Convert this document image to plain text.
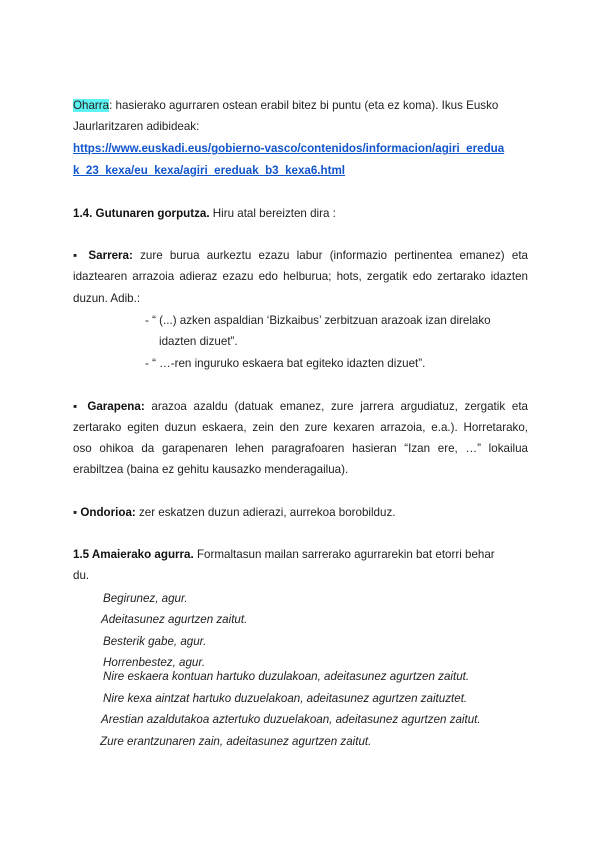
Oharra: hasierako agurraren ostean erabil bitez bi puntu (eta ez koma). Ikus Eusko
Jaurlaritzaren adibideak:
https://www.euskadi.eus/gobierno-vasco/contenidos/informacion/agiri_eredua
k_23_kexa/eu_kexa/agiri_ereduak_b3_kexa6.html
1.4. Gutunaren gorputza. Hiru atal bereizten dira :
▪ Sarrera: zure burua aurkeztu ezazu labur (informazio pertinentea emanez) eta
idaztearen arrazoia adieraz ezazu edo helburua; hots, zergatik edo zertarako idazten
duzun. Adib.:
- “ (...) azken aspaldian ‘Bizkaibus’ zerbitzuan arazoak izan direlako
idazten dizuet”.
- “ …-ren inguruko eskaera bat egiteko idazten dizuet”.
▪ Garapena: arazoa azaldu (datuak emanez, zure jarrera argudiatuz, zergatik eta
zertarako egiten duzun eskaera, zein den zure kexaren arrazoia, e.a.). Horretarako,
oso ohikoa da garapenaren lehen paragrafoaren hasieran “Izan ere, …” lokailua
erabiltzea (baina ez gehitu kausazko menderagailua).
▪ Ondorioa: zer eskatzen duzun adierazi, aurrekoa borobilduz.
1.5 Amaierako agurra. Formaltasun mailan sarrerako agurrarekin bat etorri behar
du.
Begirunez, agur.
Adeitasunez agurtzen zaitut.
Besterik gabe, agur.
Horrenbestez, agur.
Nire eskaera kontuan hartuko duzulakoan, adeitasunez agurtzen zaitut.
Nire kexa aintzat hartuko duzuelakoan, adeitasunez agurtzen zaituztet.
Arestian azaldutakoa aztertuko duzuelakoan, adeitasunez agurtzen zaitut.
Zure erantzunaren zain, adeitasunez agurtzen zaitut.
